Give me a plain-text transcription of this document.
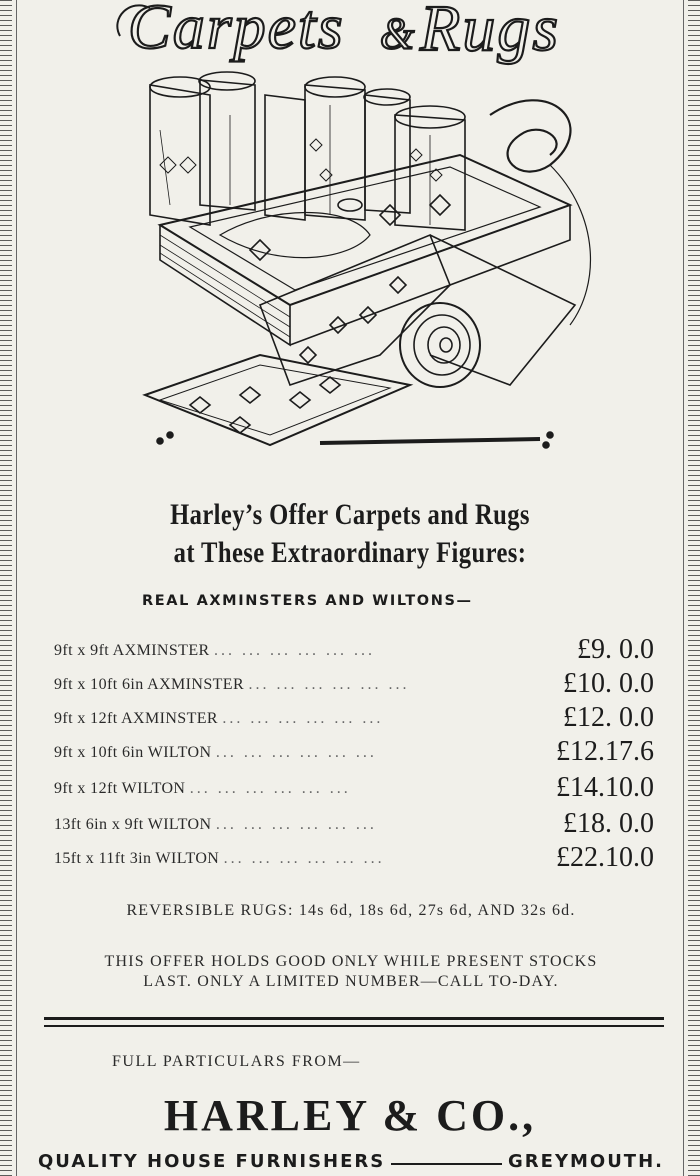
Carpets & Rugs
Harley’s Offer Carpets and Rugs
at These Extraordinary Figures:
REAL AXMINSTERS AND WILTONS—
9ft x 9ft AXMINSTER ... ... ... ... ... ...	£9. 0.0
9ft x 10ft 6in AXMINSTER ... ... ... ... ... ...	£10. 0.0
9ft x 12ft AXMINSTER ... ... ... ... ... ...	£12. 0.0
9ft x 10ft 6in WILTON ... ... ... ... ... ...	£12.17.6
9ft x 12ft WILTON ... ... ... ... ... ...	£14.10.0
13ft 6in x 9ft WILTON ... ... ... ... ... ...	£18. 0.0
15ft x 11ft 3in WILTON ... ... ... ... ... ...	£22.10.0
REVERSIBLE RUGS: 14s 6d, 18s 6d, 27s 6d, AND 32s 6d.
THIS OFFER HOLDS GOOD ONLY WHILE PRESENT STOCKS
LAST. ONLY A LIMITED NUMBER—CALL TO-DAY.
FULL PARTICULARS FROM—
HARLEY & CO.,
QUALITY HOUSE FURNISHERS	GREYMOUTH.
